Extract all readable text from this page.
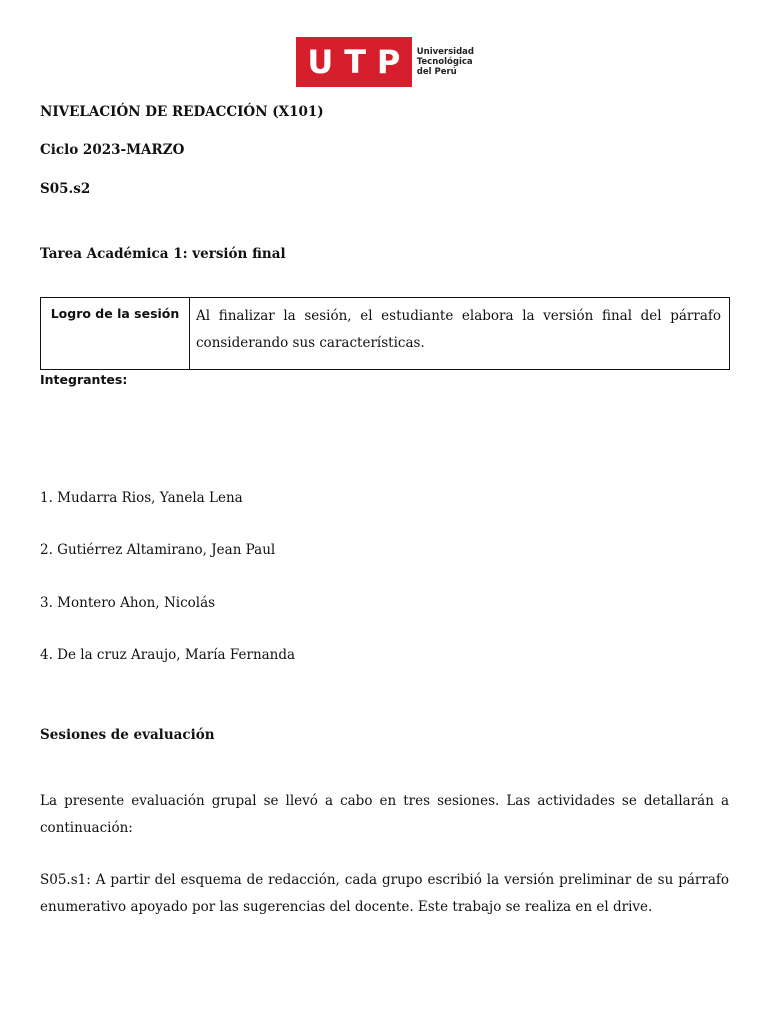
U T P Universidad
Tecnológica
del Perú
NIVELACIÓN DE REDACCIÓN (X101)
Ciclo 2023-MARZO
S05.s2
Tarea Académica 1: versión final
Logro de la sesión	Al finalizar la sesión, el estudiante elabora la versión final del párrafo considerando sus características.
Integrantes:
1. Mudarra Rios, Yanela Lena
2. Gutiérrez Altamirano, Jean Paul
3. Montero Ahon, Nicolás
4. De la cruz Araujo, María Fernanda
Sesiones de evaluación
La presente evaluación grupal se llevó a cabo en tres sesiones. Las actividades se detallarán a continuación:
S05.s1: A partir del esquema de redacción, cada grupo escribió la versión preliminar de su párrafo enumerativo apoyado por las sugerencias del docente. Este trabajo se realiza en el drive.
